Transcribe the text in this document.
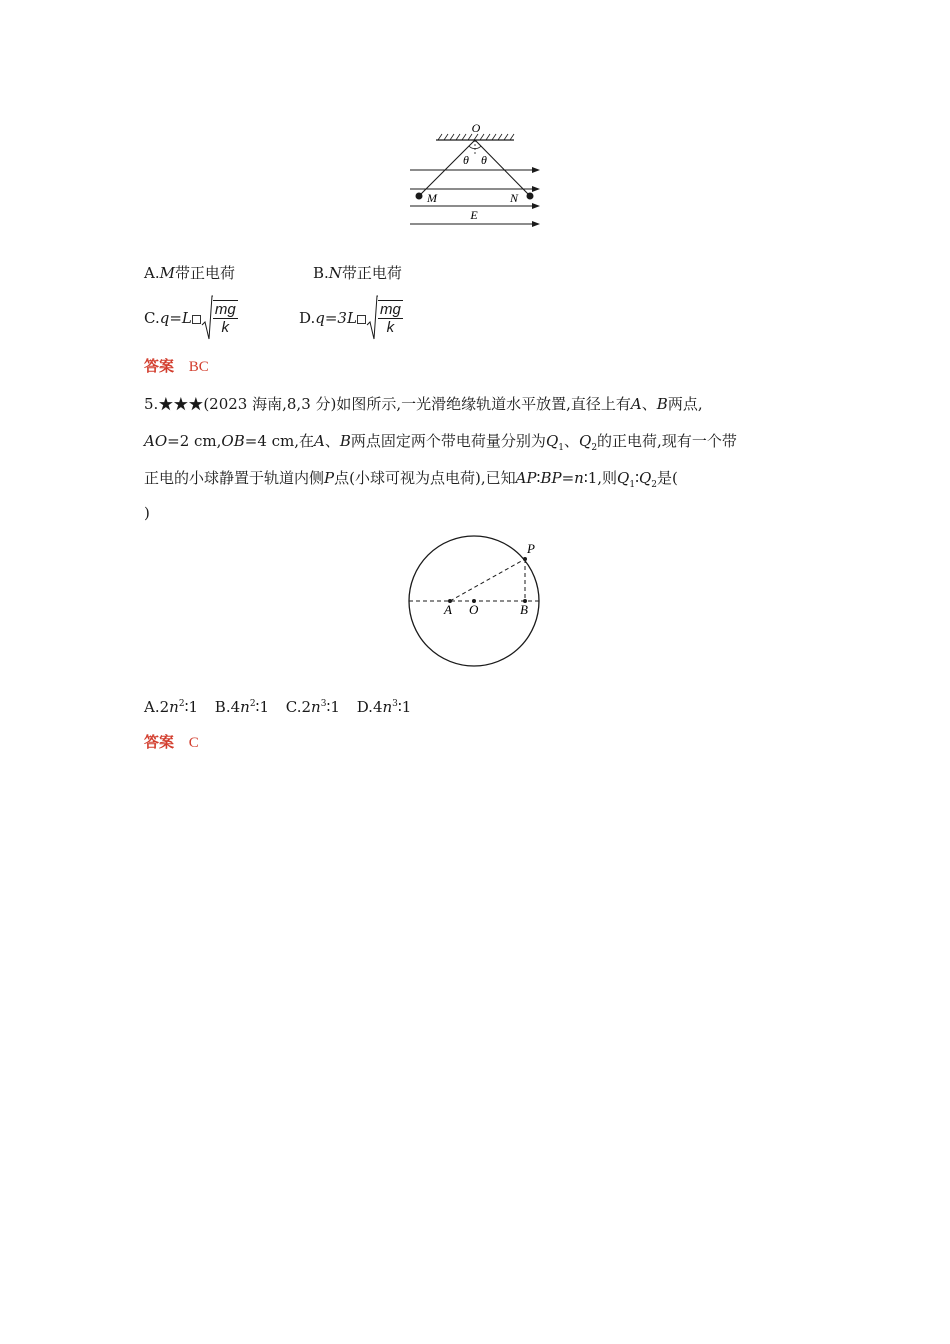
O
θ θ
M	N
E
A.M带正电荷	B.N带正电荷
C. $q=L \frac{mg}{k}$	D. $q=3L \frac{mg}{k}$
答案 BC
5.★★★(2023 海南,8,3 分)如图所示,一光滑绝缘轨道水平放置,直径上有A、B两点,
AO=2 cm,OB=4 cm,在A、B两点固定两个带电荷量分别为$Q_1$、$Q_2$的正电荷,现有一个带
正电的小球静置于轨道内侧P点(小球可视为点电荷),已知AP∶BP=n∶1,则$Q_1∶Q_2$是(
)
P
A O	B
$A.2n^2∶1$ $B.4n^2∶1$ $C.2n^3∶1$ $D.4n^3∶1$
答案 C
